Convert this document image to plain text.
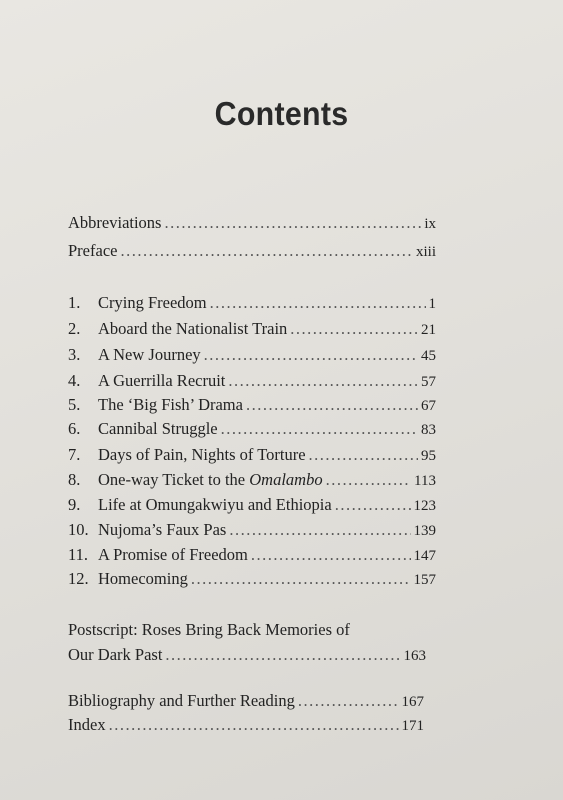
Contents
Abbreviations .....	ix
Preface .....	xiii
1.	Crying Freedom .....	1
2.	Aboard the Nationalist Train .....	21
3.	A New Journey .....	45
4.	A Guerrilla Recruit .....	57
5.	The ‘Big Fish’ Drama .....	67
6.	Cannibal Struggle .....	83
7.	Days of Pain, Nights of Torture .....	95
8.	One-way Ticket to the Omalambo .....	113
9.	Life at Omungakwiyu and Ethiopia .....	123
10. Nujoma’s Faux Pas .....	139
11. A Promise of Freedom .....	147
12. Homecoming .....	157
Postscript: Roses Bring Back Memories of
Our Dark Past .....	163
Bibliography and Further Reading .....	167
Index .....	171
